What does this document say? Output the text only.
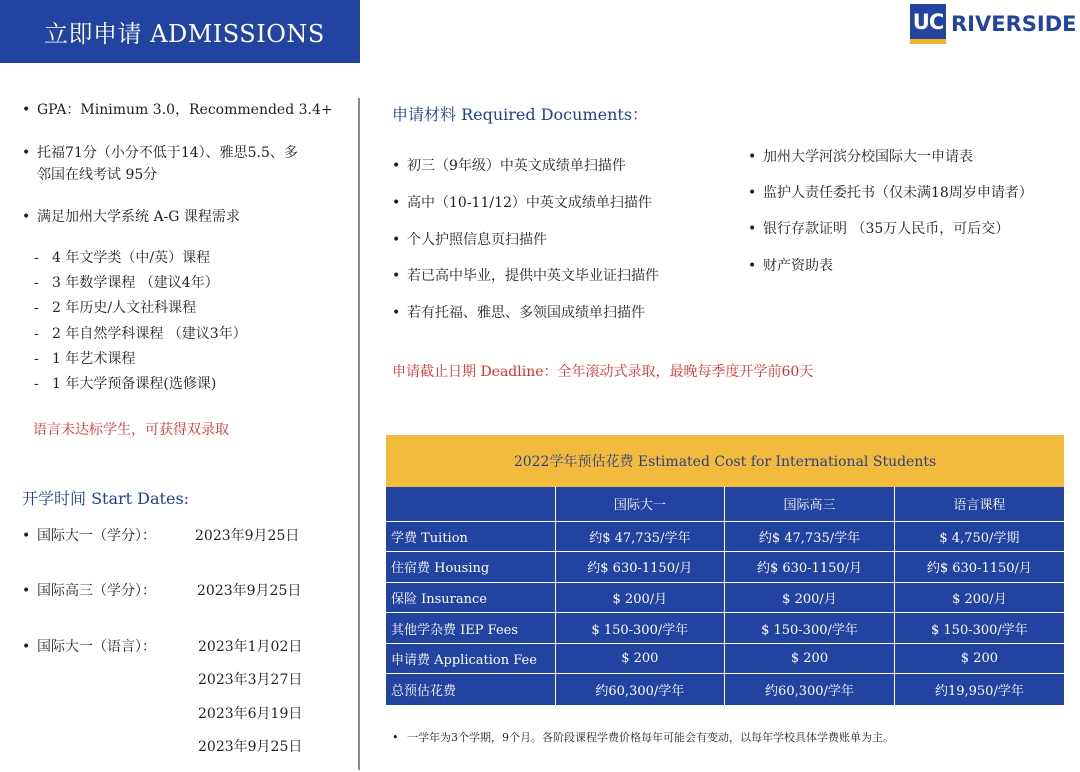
立即申请 ADMISSIONS	UC RIVERSIDE
• GPA：Minimum 3.0，Recommended 3.4+
• 托福71分（小分不低于14）、雅思5.5、多
邻国在线考试 95分
• 满足加州大学系统 A-G 课程需求
- 4 年文学类（中/英）课程
- 3 年数学课程 （建议4年）
- 2 年历史/人文社科课程
- 2 年自然学科课程 （建议3年）
- 1 年艺术课程
- 1 年大学预备课程(选修课)
语言未达标学生，可获得双录取
开学时间 Start Dates:
• 国际大一（学分）：	2023年9月25日
• 国际高三（学分）：	2023年9月25日
• 国际大一（语言）：	2023年1月02日
2023年3月27日
2023年6月19日
2023年9月25日
申请材料 Required Documents：
• 初三（9年级）中英文成绩单扫描件
• 高中（10-11/12）中英文成绩单扫描件
• 个人护照信息页扫描件
• 若已高中毕业，提供中英文毕业证扫描件
• 若有托福、雅思、多领国成绩单扫描件
• 加州大学河滨分校国际大一申请表
• 监护人责任委托书（仅未满18周岁申请者）
• 银行存款证明 （35万人民币，可后交）
• 财产资助表
申请截止日期 Deadline：全年滚动式录取，最晚每季度开学前60天
2022学年预估花费 Estimated Cost for International Students
	国际大一	国际高三	语言课程
学费 Tuition	约$ 47,735/学年	约$ 47,735/学年	$ 4,750/学期
住宿费 Housing	约$ 630-1150/月	约$ 630-1150/月	约$ 630-1150/月
保险 Insurance	$ 200/月	$ 200/月	$ 200/月
其他学杂费 IEP Fees	$ 150-300/学年	$ 150-300/学年	$ 150-300/学年
申请费 Application Fee	$ 200	$ 200	$ 200
总预估花费	约60,300/学年	约60,300/学年	约19,950/学年
• 一学年为3个学期，9个月。各阶段课程学费价格每年可能会有变动，以每年学校具体学费账单为主。
